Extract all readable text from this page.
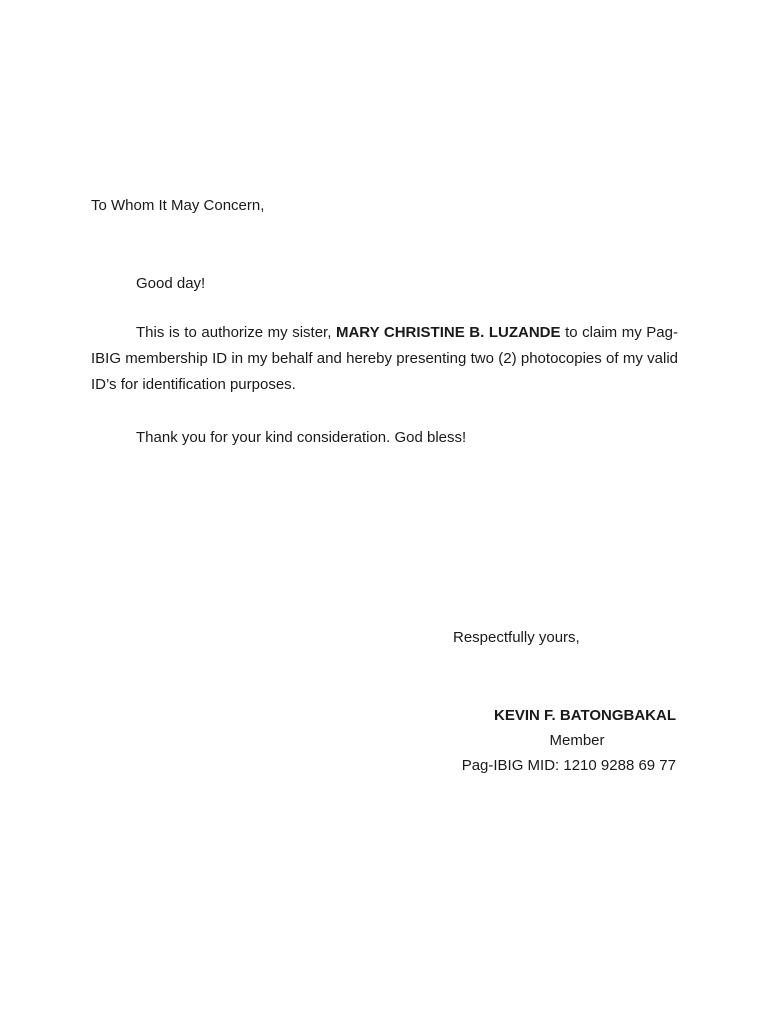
To Whom It May Concern,

Good day!

This is to authorize my sister, MARY CHRISTINE B. LUZANDE to claim my Pag-IBIG membership ID in my behalf and hereby presenting two (2) photocopies of my valid ID’s for identification purposes.

Thank you for your kind consideration. God bless!

Respectfully yours,

KEVIN F. BATONGBAKAL
Member
Pag-IBIG MID: 1210 9288 69 77
